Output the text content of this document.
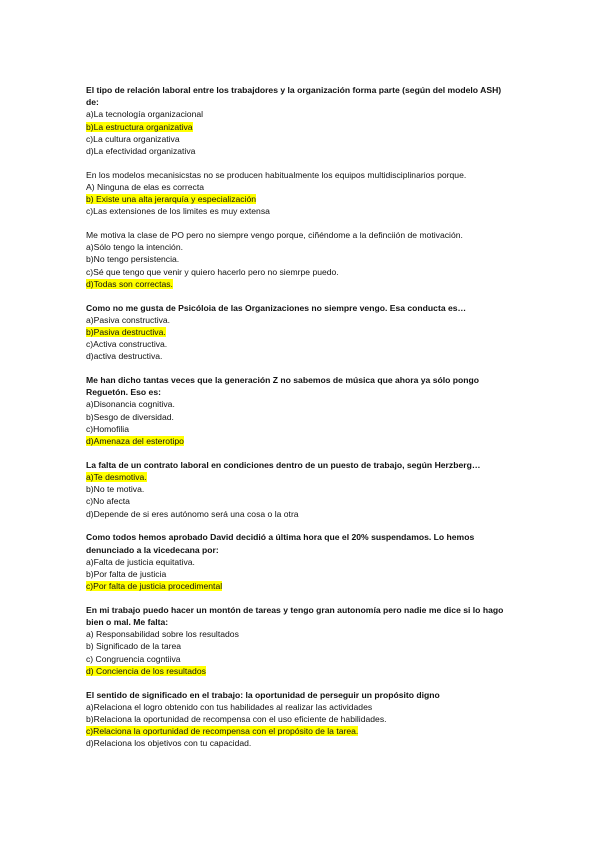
El tipo de relación laboral entre los trabajdores y la organización forma parte (según del modelo ASH) de:

a)La tecnología organizacional

b)La estructura organizativa

c)La cultura organizativa

d)La efectividad organizativa

En los modelos mecanisicstas no se producen habitualmente los equipos multidisciplinarios porque.

A) Ninguna de elas es correcta

b) Existe una alta jerarquía y especialización

c)Las extensiones de los limites es muy extensa

Me motiva la clase de PO pero no siempre vengo porque, ciñéndome a la definciión de motivación.

a)Sólo tengo la intención.

b)No tengo persistencia.

c)Sé que tengo que venir y quiero hacerlo pero no siemrpe puedo.

d)Todas son correctas.

Como no me gusta de Psicóloia de las Organizaciones no siempre vengo. Esa conducta es…

a)Pasiva constructiva.

b)Pasiva destructiva.

c)Activa constructiva.

d)activa destructiva.

Me han dicho tantas veces que la generación Z no sabemos de música que ahora ya sólo pongo Reguetón. Eso es:

a)Disonancia cognitiva.

b)Sesgo de diversidad.

c)Homofilia

d)Amenaza del esterotipo

La falta de un contrato laboral en condiciones dentro de un puesto de trabajo, según Herzberg…

a)Te desmotiva.

b)No te motiva.

c)No afecta

d)Depende de si eres autónomo será una cosa o la otra

Como todos hemos aprobado David decidió a última hora que el 20% suspendamos. Lo hemos denunciado a la vicedecana por:

a)Falta de justicia equitativa.

b)Por falta de justicia

c)Por falta de justicia procedimental

En mi trabajo puedo hacer un montón de tareas y tengo gran autonomía pero nadie me dice si lo hago bien o mal. Me falta:

a) Responsabilidad sobre los resultados

b) Significado de la tarea

c) Congruencia cogntiiva

d) Conciencia de los resultados

El sentido de significado en el trabajo: la oportunidad de perseguir un propósito digno

a)Relaciona el logro obtenido con tus habilidades al realizar las actividades

b)Relaciona la oportunidad de recompensa con el uso eficiente de habilidades.

c)Relaciona la oportunidad de recompensa con el propósito de la tarea.

d)Relaciona los objetivos con tu capacidad.
